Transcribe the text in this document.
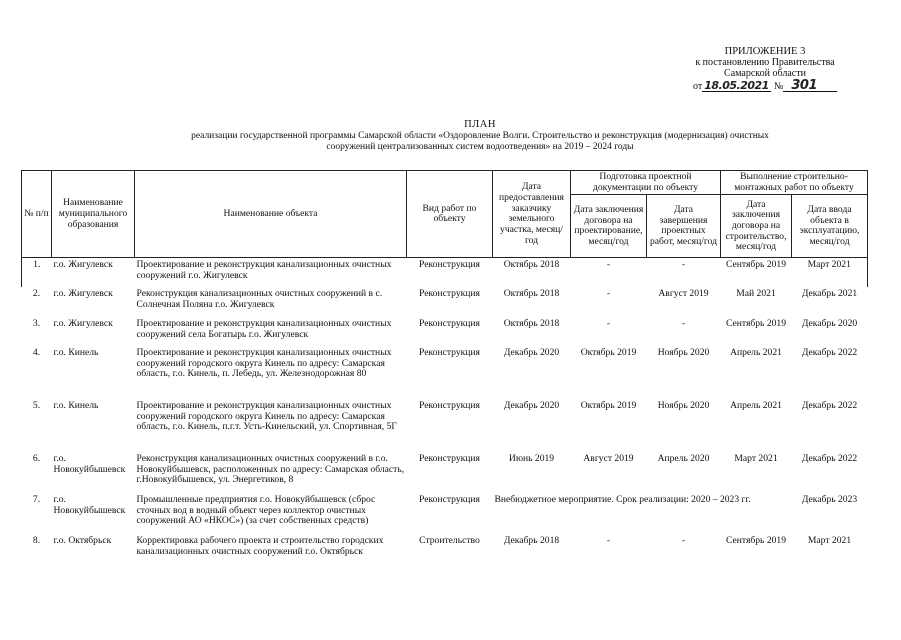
ПРИЛОЖЕНИЕ 3
к постановлению Правительства
Самарской области
от 18.05.2021 № 301
ПЛАН
реализации государственной программы Самарской области «Оздоровление Волги. Строительство и реконструкция (модернизация) очистных
сооружений централизованных систем водоотведения» на 2019 – 2024 годы
№ п/п	Наименование муниципального образования	Наименование объекта	Вид работ по объекту	Дата предоставления заказчику земельного участка, месяц/год	Подготовка проектной документации по объекту		Выполнение строительно-монтажных работ по объекту	
					Дата заключения договора на проектирование, месяц/год	Дата завершения проектных работ, месяц/год	Дата заключения договора на строительство, месяц/год	Дата ввода объекта в эксплуатацию, месяц/год
1.	г.о. Жигулевск	Проектирование и реконструкция канализационных очистных сооружений г.о. Жигулевск	Реконструкция	Октябрь 2018	-	-	Сентябрь 2019	Март 2021
2.	г.о. Жигулевск	Реконструкция канализационных очистных сооружений в с. Солнечная Поляна г.о. Жигулевск	Реконструкция	Октябрь 2018	-	Август 2019	Май 2021	Декабрь 2021
3.	г.о. Жигулевск	Проектирование и реконструкция канализационных очистных сооружений села Богатырь г.о. Жигулевск	Реконструкция	Октябрь 2018	-	-	Сентябрь 2019	Декабрь 2020
4.	г.о. Кинель	Проектирование и реконструкция канализационных очистных сооружений городского округа Кинель по адресу: Самарская область, г.о. Кинель, п. Лебедь, ул. Железнодорожная 80	Реконструкция	Декабрь 2020	Октябрь 2019	Ноябрь 2020	Апрель 2021	Декабрь 2022
5.	г.о. Кинель	Проектирование и реконструкция канализационных очистных сооружений городского округа Кинель по адресу: Самарская область, г.о. Кинель, п.г.т. Усть-Кинельский, ул. Спортивная, 5Г	Реконструкция	Декабрь 2020	Октябрь 2019	Ноябрь 2020	Апрель 2021	Декабрь 2022
6.	г.о. Новокуйбышевск	Реконструкция канализационных очистных сооружений в г.о. Новокуйбышевск, расположенных по адресу: Самарская область, г.Новокуйбышевск, ул. Энергетиков, 8	Реконструкция	Июнь 2019	Август 2019	Апрель 2020	Март 2021	Декабрь 2022
7.	г.о. Новокуйбышевск	Промышленные предприятия г.о. Новокуйбышевск (сброс сточных вод в водный объект через коллектор очистных сооружений АО «НКОС») (за счет собственных средств)	Реконструкция	Внебюджетное мероприятие. Срок реализации: 2020 – 2023 гг.				Декабрь 2023
8.	г.о. Октябрьск	Корректировка рабочего проекта и строительство городских канализационных очистных сооружений г.о. Октябрьск	Строительство	Декабрь 2018	-	-	Сентябрь 2019	Март 2021
